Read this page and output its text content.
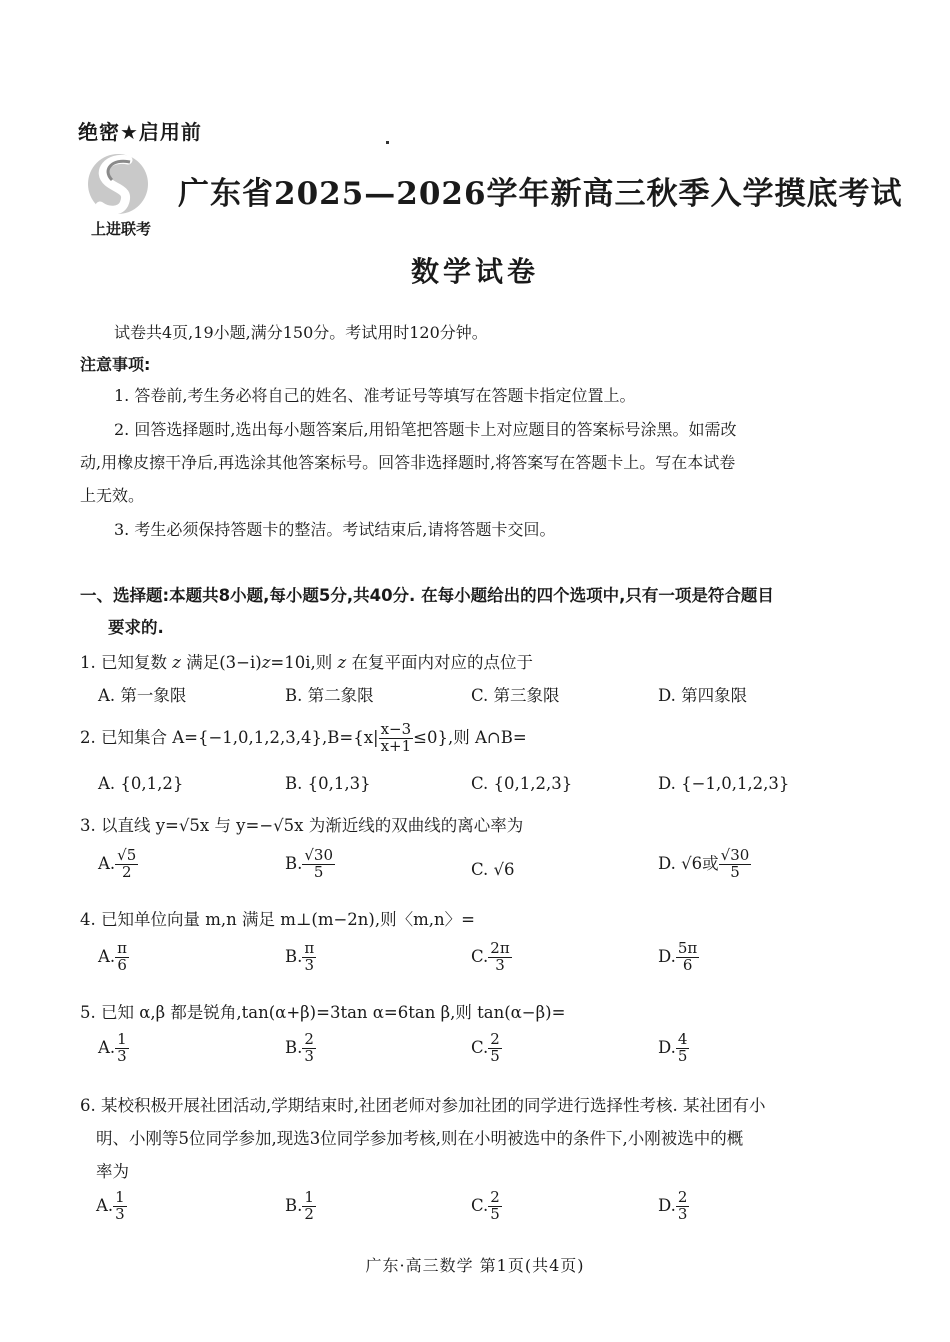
绝密★启用前
上进联考
广东省2025—2026学年新高三秋季入学摸底考试
数学试卷
试卷共4页,19小题,满分150分。考试用时120分钟。
注意事项:
1. 答卷前,考生务必将自己的姓名、准考证号等填写在答题卡指定位置上。
2. 回答选择题时,选出每小题答案后,用铅笔把答题卡上对应题目的答案标号涂黑。如需改
动,用橡皮擦干净后,再选涂其他答案标号。回答非选择题时,将答案写在答题卡上。写在本试卷
上无效。
3. 考生必须保持答题卡的整洁。考试结束后,请将答题卡交回。
一、选择题:本题共8小题,每小题5分,共40分. 在每小题给出的四个选项中,只有一项是符合题目
要求的.
1. 已知复数 z 满足(3−i)z=10i,则 z 在复平面内对应的点位于
A. 第一象限	B. 第二象限	C. 第三象限	D. 第四象限
2. 已知集合 $A=\{-1,0,1,2,3,4\},B=\{x| \frac{x-3}{x+1} \le 0\}$,则 A∩B=
A. {0,1,2}	B. {0,1,3}	C. {0,1,2,3}	D. {−1,0,1,2,3}
3. 以直线 y=√5x 与 y=−√5x 为渐近线的双曲线的离心率为
A. $\frac{√5}{2}$	B. $\frac{√30}{5}$	C. √6	D. √6或 $\frac{√30}{5}$
4. 已知单位向量 m,n 满足 m⊥(m−2n),则〈m,n〉=
A. $\frac{\pi}{6}$	B. $\frac{\pi}{3}$	C. $\frac{2\pi}{3}$	D. $\frac{5\pi}{6}$
5. 已知 α,β 都是锐角,tan(α+β)=3tan α=6tan β,则 tan(α−β)=
A. $\frac{1}{3}$	B. $\frac{2}{3}$	C. $\frac{2}{5}$	D. $\frac{4}{5}$
6. 某校积极开展社团活动,学期结束时,社团老师对参加社团的同学进行选择性考核. 某社团有小
明、小刚等5位同学参加,现选3位同学参加考核,则在小明被选中的条件下,小刚被选中的概
率为
A. $\frac{1}{3}$	B. $\frac{1}{2}$	C. $\frac{2}{5}$	D. $\frac{2}{3}$
广东·高三数学 第1页(共4页)
